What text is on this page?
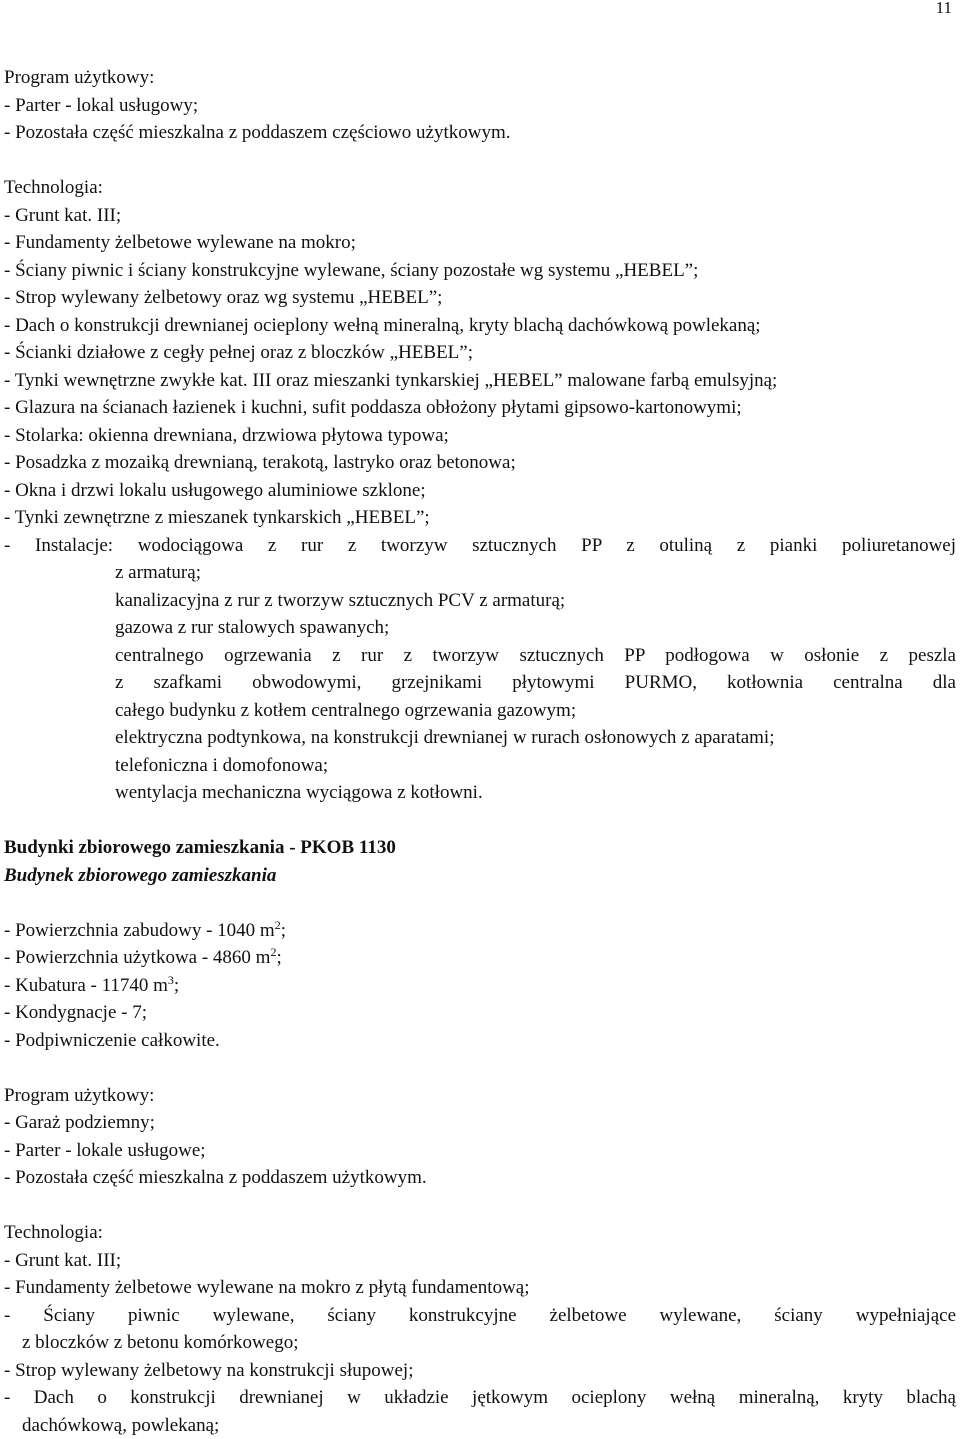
11
Program użytkowy:
- Parter - lokal usługowy;
- Pozostała część mieszkalna z poddaszem częściowo użytkowym.
Technologia:
- Grunt kat. III;
- Fundamenty żelbetowe wylewane na mokro;
- Ściany piwnic i ściany konstrukcyjne wylewane, ściany pozostałe wg systemu „HEBEL”;
- Strop wylewany żelbetowy oraz wg systemu „HEBEL”;
- Dach o konstrukcji drewnianej ocieplony wełną mineralną, kryty blachą dachówkową powlekaną;
- Ścianki działowe z cegły pełnej oraz z bloczków „HEBEL”;
- Tynki wewnętrzne zwykłe kat. III oraz mieszanki tynkarskiej „HEBEL” malowane farbą emulsyjną;
- Glazura na ścianach łazienek i kuchni, sufit poddasza obłożony płytami gipsowo-kartonowymi;
- Stolarka: okienna drewniana, drzwiowa płytowa typowa;
- Posadzka z mozaiką drewnianą, terakotą, lastryko oraz betonowa;
- Okna i drzwi lokalu usługowego aluminiowe szklone;
- Tynki zewnętrzne z mieszanek tynkarskich „HEBEL”;
- Instalacje: wodociągowa z rur z tworzyw sztucznych PP z otuliną z pianki poliuretanowej
z armaturą;
kanalizacyjna z rur z tworzyw sztucznych PCV z armaturą;
gazowa z rur stalowych spawanych;
centralnego ogrzewania z rur z tworzyw sztucznych PP podłogowa w osłonie z peszla
z szafkami obwodowymi, grzejnikami płytowymi PURMO, kotłownia centralna dla
całego budynku z kotłem centralnego ogrzewania gazowym;
elektryczna podtynkowa, na konstrukcji drewnianej w rurach osłonowych z aparatami;
telefoniczna i domofonowa;
wentylacja mechaniczna wyciągowa z kotłowni.
Budynki zbiorowego zamieszkania - PKOB 1130
Budynek zbiorowego zamieszkania
- Powierzchnia zabudowy - 1040 $m^2$;
- Powierzchnia użytkowa - 4860 $m^2$;
- Kubatura - 11740 $m^3$;
- Kondygnacje - 7;
- Podpiwniczenie całkowite.
Program użytkowy:
- Garaż podziemny;
- Parter - lokale usługowe;
- Pozostała część mieszkalna z poddaszem użytkowym.
Technologia:
- Grunt kat. III;
- Fundamenty żelbetowe wylewane na mokro z płytą fundamentową;
- Ściany piwnic wylewane, ściany konstrukcyjne żelbetowe wylewane, ściany wypełniające
z bloczków z betonu komórkowego;
- Strop wylewany żelbetowy na konstrukcji słupowej;
- Dach o konstrukcji drewnianej w układzie jętkowym ocieplony wełną mineralną, kryty blachą
dachówkową, powlekaną;
